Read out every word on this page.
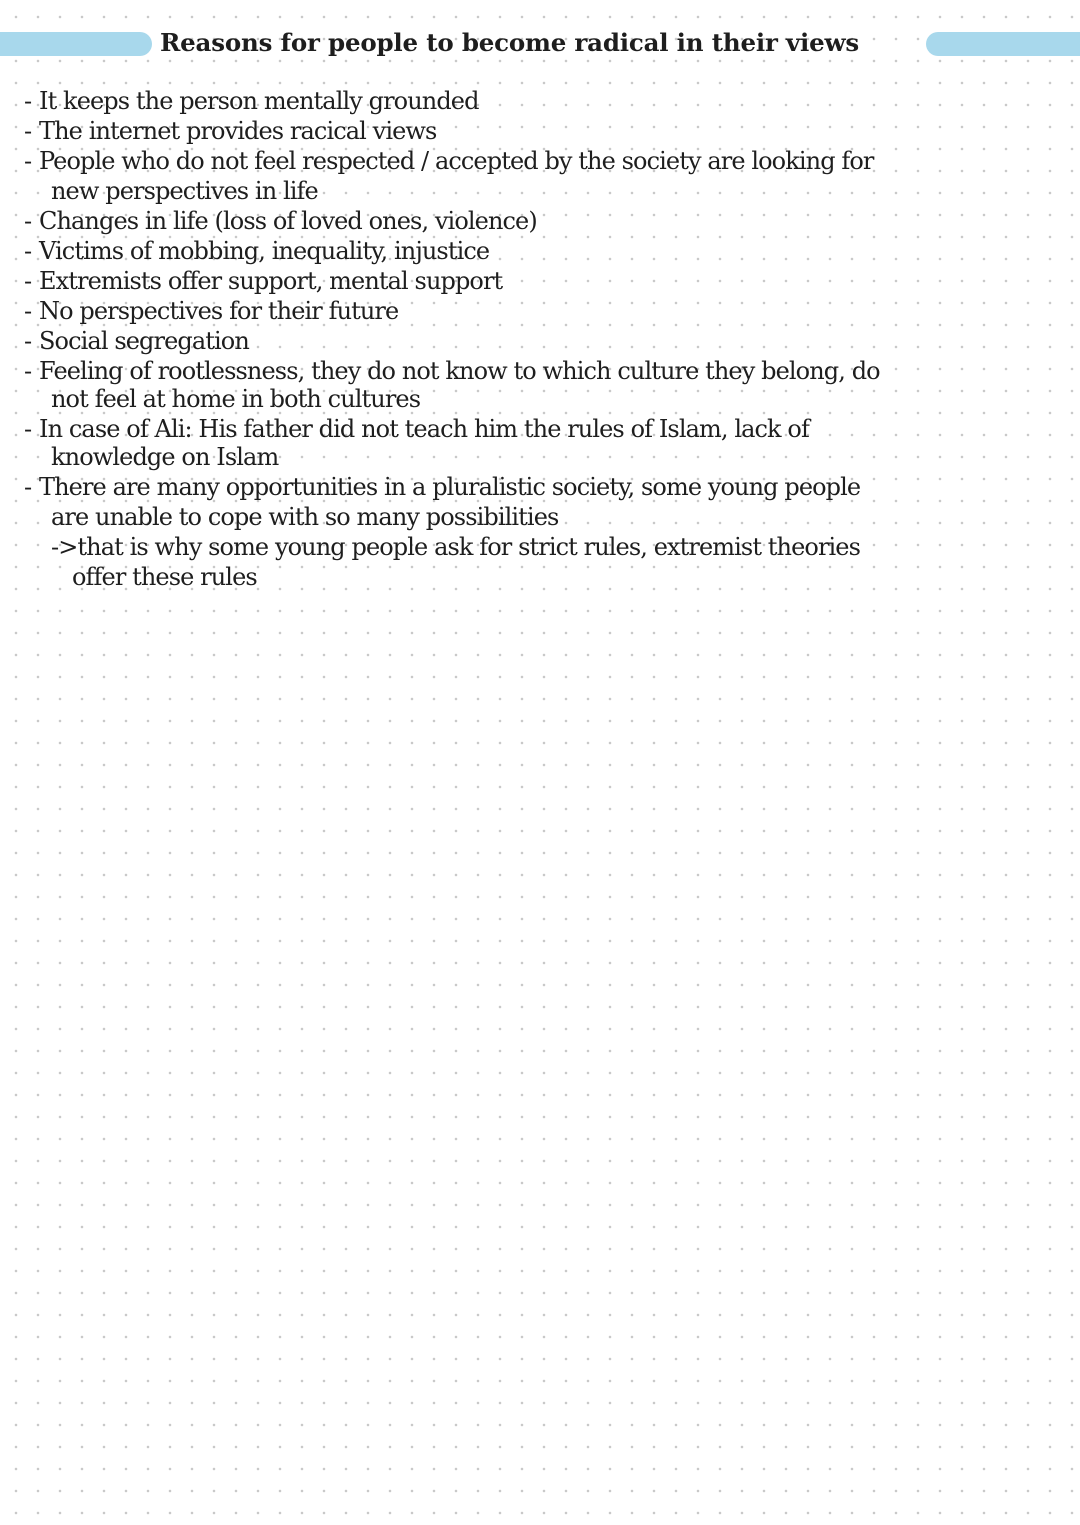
Reasons for people to become radical in their views
- It keeps the person mentally grounded
- The internet provides racical views
- People who do not feel respected / accepted by the society are looking for
new perspectives in life
- Changes in life (loss of loved ones, violence)
- Victims of mobbing, inequality, injustice
- Extremists offer support, mental support
- No perspectives for their future
- Social segregation
- Feeling of rootlessness, they do not know to which culture they belong, do
not feel at home in both cultures
- In case of Ali: His father did not teach him the rules of Islam, lack of
knowledge on Islam
- There are many opportunities in a pluralistic society, some young people
are unable to cope with so many possibilities
->that is why some young people ask for strict rules, extremist theories
offer these rules
